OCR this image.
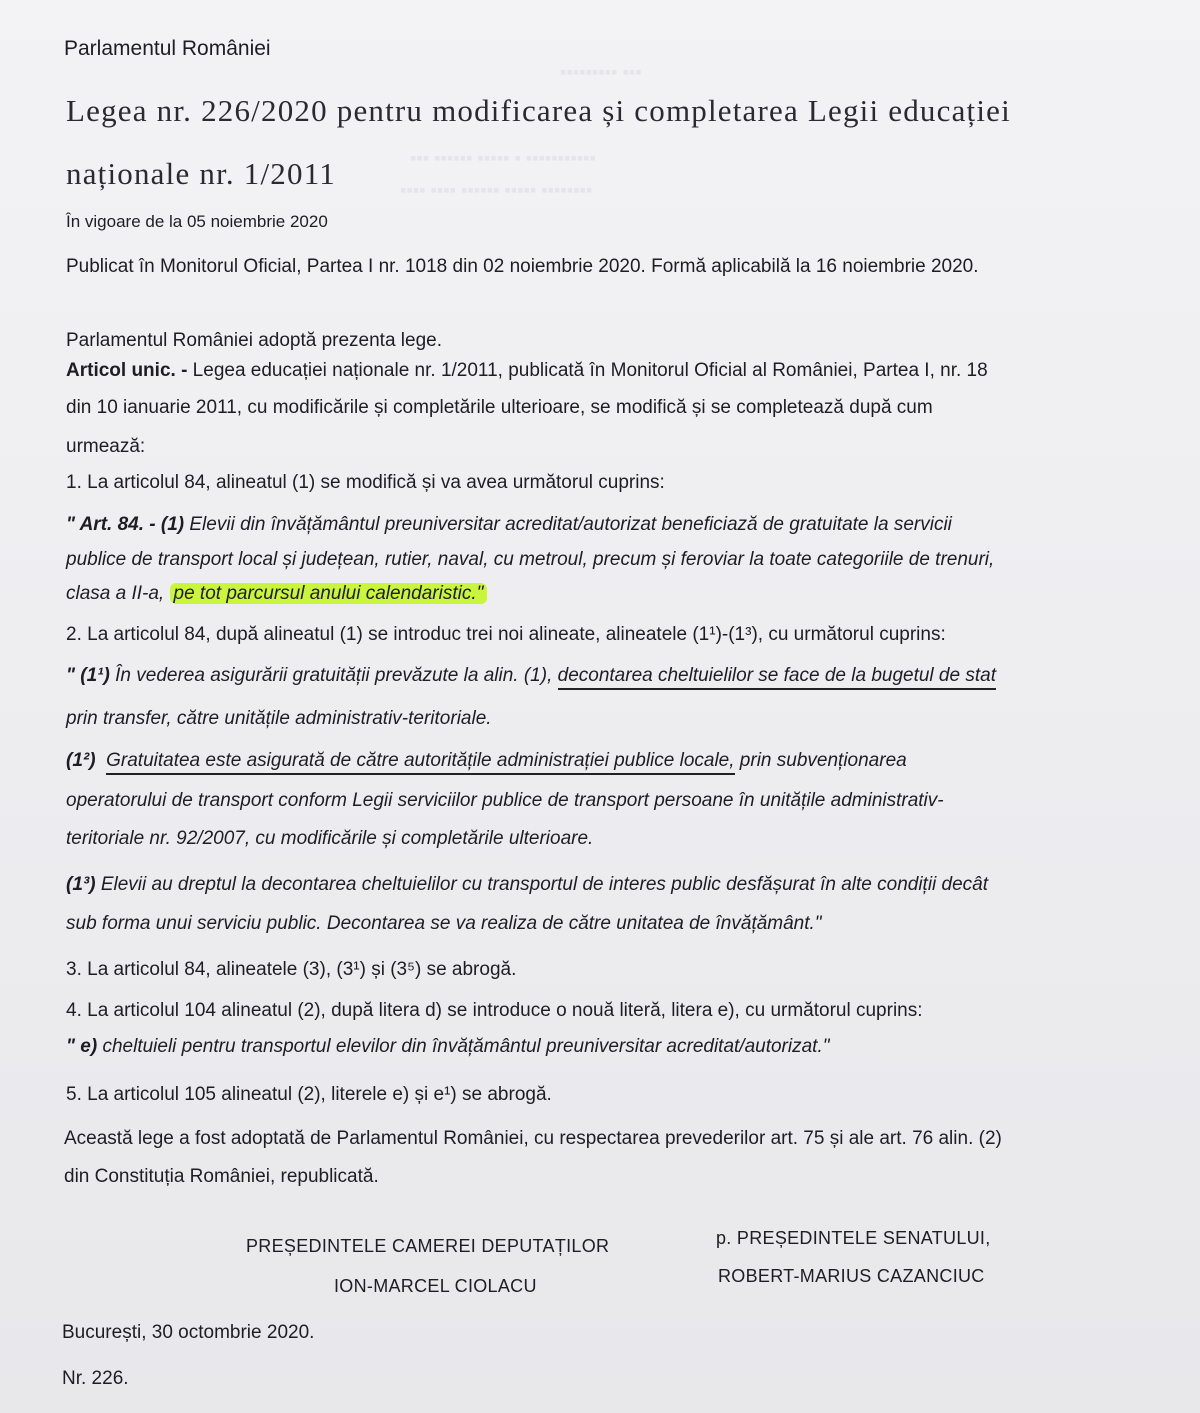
▪▪▪▪▪▪▪▪▪ ▪▪▪
▪▪▪ ▪▪▪▪▪▪ ▪▪▪▪▪ ▪ ▪▪▪▪▪▪▪▪▪▪▪
▪▪▪▪ ▪▪▪▪ ▪▪▪▪▪▪ ▪▪▪▪▪ ▪▪▪▪▪▪▪▪
Parlamentul României
Legea nr. 226/2020 pentru modificarea și completarea Legii educației
naționale nr. 1/2011
În vigoare de la 05 noiembrie 2020
Publicat în Monitorul Oficial, Partea I nr. 1018 din 02 noiembrie 2020. Formă aplicabilă la 16 noiembrie 2020.
Parlamentul României adoptă prezenta lege.
Articol unic. - Legea educației naționale nr. 1/2011, publicată în Monitorul Oficial al României, Partea I, nr. 18
din 10 ianuarie 2011, cu modificările și completările ulterioare, se modifică și se completează după cum
urmează:
1. La articolul 84, alineatul (1) se modifică și va avea următorul cuprins:
" Art. 84. - (1) Elevii din învățământul preuniversitar acreditat/autorizat beneficiază de gratuitate la servicii
publice de transport local și județean, rutier, naval, cu metroul, precum și feroviar la toate categoriile de trenuri,
clasa a II-a, pe tot parcursul anului calendaristic."
2. La articolul 84, după alineatul (1) se introduc trei noi alineate, alineatele (1¹)-(1³), cu următorul cuprins:
" (1¹) În vederea asigurării gratuității prevăzute la alin. (1), decontarea cheltuielilor se face de la bugetul de stat
prin transfer, către unitățile administrativ-teritoriale.
(1²) Gratuitatea este asigurată de către autoritățile administrației publice locale, prin subvenționarea
operatorului de transport conform Legii serviciilor publice de transport persoane în unitățile administrativ-
teritoriale nr. 92/2007, cu modificările și completările ulterioare.
(1³) Elevii au dreptul la decontarea cheltuielilor cu transportul de interes public desfășurat în alte condiții decât
sub forma unui serviciu public. Decontarea se va realiza de către unitatea de învățământ."
3. La articolul 84, alineatele (3), (3¹) și (3⁵) se abrogă.
4. La articolul 104 alineatul (2), după litera d) se introduce o nouă literă, litera e), cu următorul cuprins:
" e) cheltuieli pentru transportul elevilor din învățământul preuniversitar acreditat/autorizat."
5. La articolul 105 alineatul (2), literele e) și e¹) se abrogă.
Această lege a fost adoptată de Parlamentul României, cu respectarea prevederilor art. 75 și ale art. 76 alin. (2)
din Constituția României, republicată.
PREȘEDINTELE CAMEREI DEPUTAȚILOR
ION-MARCEL CIOLACU
p. PREȘEDINTELE SENATULUI,
ROBERT-MARIUS CAZANCIUC
București, 30 octombrie 2020.
Nr. 226.
